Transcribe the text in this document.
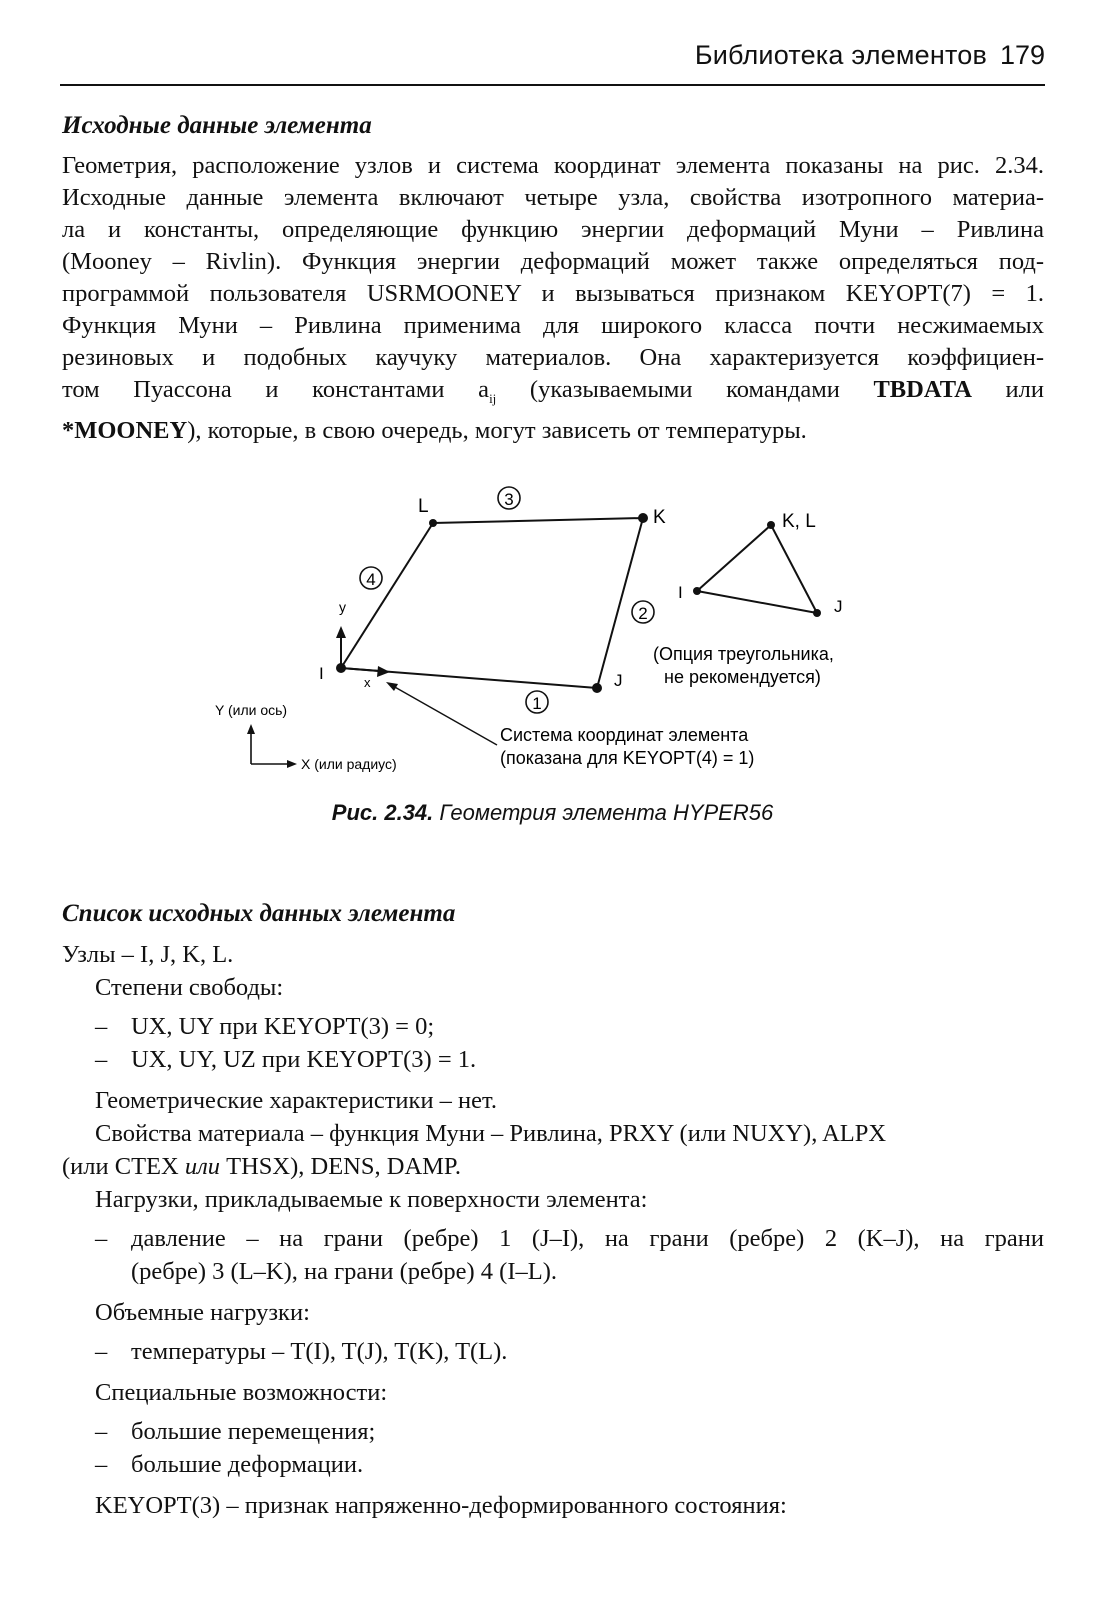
Библиотека элементов 179
Исходные данные элемента
Геометрия, расположение узлов и система координат элемента показаны на рис. 2.34.
Исходные данные элемента включают четыре узла, свойства изотропного материа-
ла и константы, определяющие функцию энергии деформаций Муни – Ривлина
(Mooney – Rivlin). Функция энергии деформаций может также определяться под-
программой пользователя USRMOONEY и вызываться признаком KEYOPT(7) = 1.
Функция Муни – Ривлина применима для широкого класса почти несжимаемых
резиновых и подобных каучуку материалов. Она характеризуется коэффициен-
том Пуассона и константами $a_{ij}$ (указываемыми командами TBDATA или
*MOONEY), которые, в свою очередь, могут зависеть от температуры.
L
K
J
I
3
2
1
4
y
x
Y (или ось)
X (или радиус)
Система координат элемента
(показана для KEYOPT(4) = 1)
K, L
I
J
(Опция треугольника,
не рекомендуется)
Рис. 2.34. Геометрия элемента HYPER56
Список исходных данных элемента
Узлы – I, J, K, L.
Степени свободы:
– UX, UY при KEYOPT(3) = 0;
– UX, UY, UZ при KEYOPT(3) = 1.
Геометрические характеристики – нет.
Свойства материала – функция Муни – Ривлина, PRXY (или NUXY), ALPX
(или CTEX или THSX), DENS, DAMP.
Нагрузки, прикладываемые к поверхности элемента:
– давление – на грани (ребре) 1 (J–I), на грани (ребре) 2 (K–J), на грани
(ребре) 3 (L–K), на грани (ребре) 4 (I–L).
Объемные нагрузки:
– температуры – T(I), T(J), T(K), T(L).
Специальные возможности:
– большие перемещения;
– большие деформации.
KEYOPT(3) – признак напряженно-деформированного состояния:
